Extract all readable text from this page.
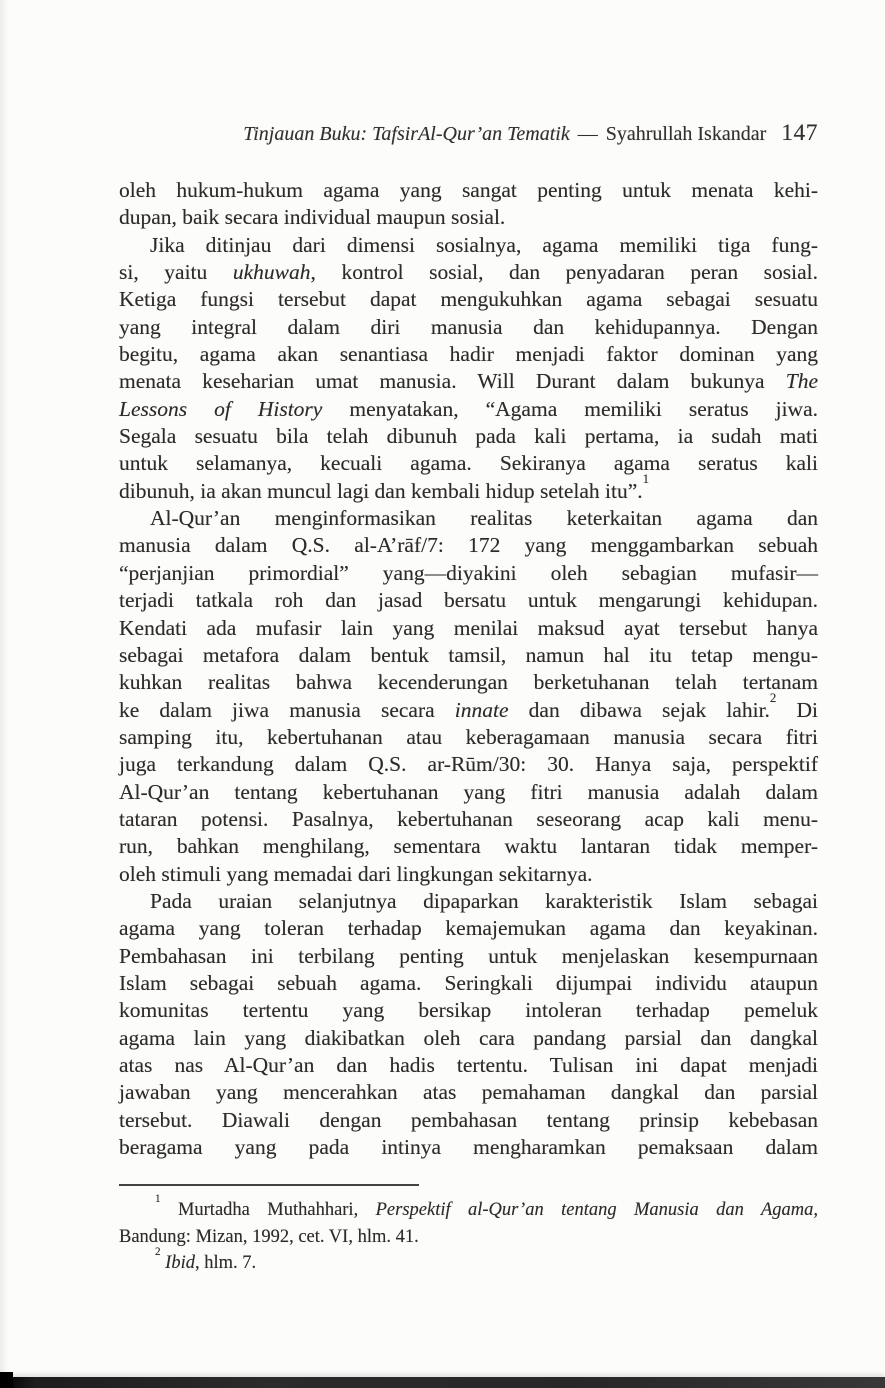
Tinjauan Buku: TafsirAl-Qur’an Tematik — Syahrullah Iskandar 147
oleh hukum-hukum agama yang sangat penting untuk menata kehi-
dupan, baik secara individual maupun sosial.
Jika ditinjau dari dimensi sosialnya, agama memiliki tiga fung-
si, yaitu ukhuwah, kontrol sosial, dan penyadaran peran sosial.
Ketiga fungsi tersebut dapat mengukuhkan agama sebagai sesuatu
yang integral dalam diri manusia dan kehidupannya. Dengan
begitu, agama akan senantiasa hadir menjadi faktor dominan yang
menata keseharian umat manusia. Will Durant dalam bukunya The
Lessons of History menyatakan, “Agama memiliki seratus jiwa.
Segala sesuatu bila telah dibunuh pada kali pertama, ia sudah mati
untuk selamanya, kecuali agama. Sekiranya agama seratus kali
dibunuh, ia akan muncul lagi dan kembali hidup setelah itu”.$^1$
Al-Qur’an menginformasikan realitas keterkaitan agama dan
manusia dalam Q.S. al-A’rāf/7: 172 yang menggambarkan sebuah
“perjanjian primordial” yang—diyakini oleh sebagian mufasir—
terjadi tatkala roh dan jasad bersatu untuk mengarungi kehidupan.
Kendati ada mufasir lain yang menilai maksud ayat tersebut hanya
sebagai metafora dalam bentuk tamsil, namun hal itu tetap mengu-
kuhkan realitas bahwa kecenderungan berketuhanan telah tertanam
ke dalam jiwa manusia secara innate dan dibawa sejak lahir.$^2$ Di
samping itu, kebertuhanan atau keberagamaan manusia secara fitri
juga terkandung dalam Q.S. ar-Rūm/30: 30. Hanya saja, perspektif
Al-Qur’an tentang kebertuhanan yang fitri manusia adalah dalam
tataran potensi. Pasalnya, kebertuhanan seseorang acap kali menu-
run, bahkan menghilang, sementara waktu lantaran tidak memper-
oleh stimuli yang memadai dari lingkungan sekitarnya.
Pada uraian selanjutnya dipaparkan karakteristik Islam sebagai
agama yang toleran terhadap kemajemukan agama dan keyakinan.
Pembahasan ini terbilang penting untuk menjelaskan kesempurnaan
Islam sebagai sebuah agama. Seringkali dijumpai individu ataupun
komunitas tertentu yang bersikap intoleran terhadap pemeluk
agama lain yang diakibatkan oleh cara pandang parsial dan dangkal
atas nas Al-Qur’an dan hadis tertentu. Tulisan ini dapat menjadi
jawaban yang mencerahkan atas pemahaman dangkal dan parsial
tersebut. Diawali dengan pembahasan tentang prinsip kebebasan
beragama yang pada intinya mengharamkan pemaksaan dalam
$^1$ Murtadha Muthahhari, Perspektif al-Qur’an tentang Manusia dan Agama,
Bandung: Mizan, 1992, cet. VI, hlm. 41.
$^2$ Ibid, hlm. 7.
